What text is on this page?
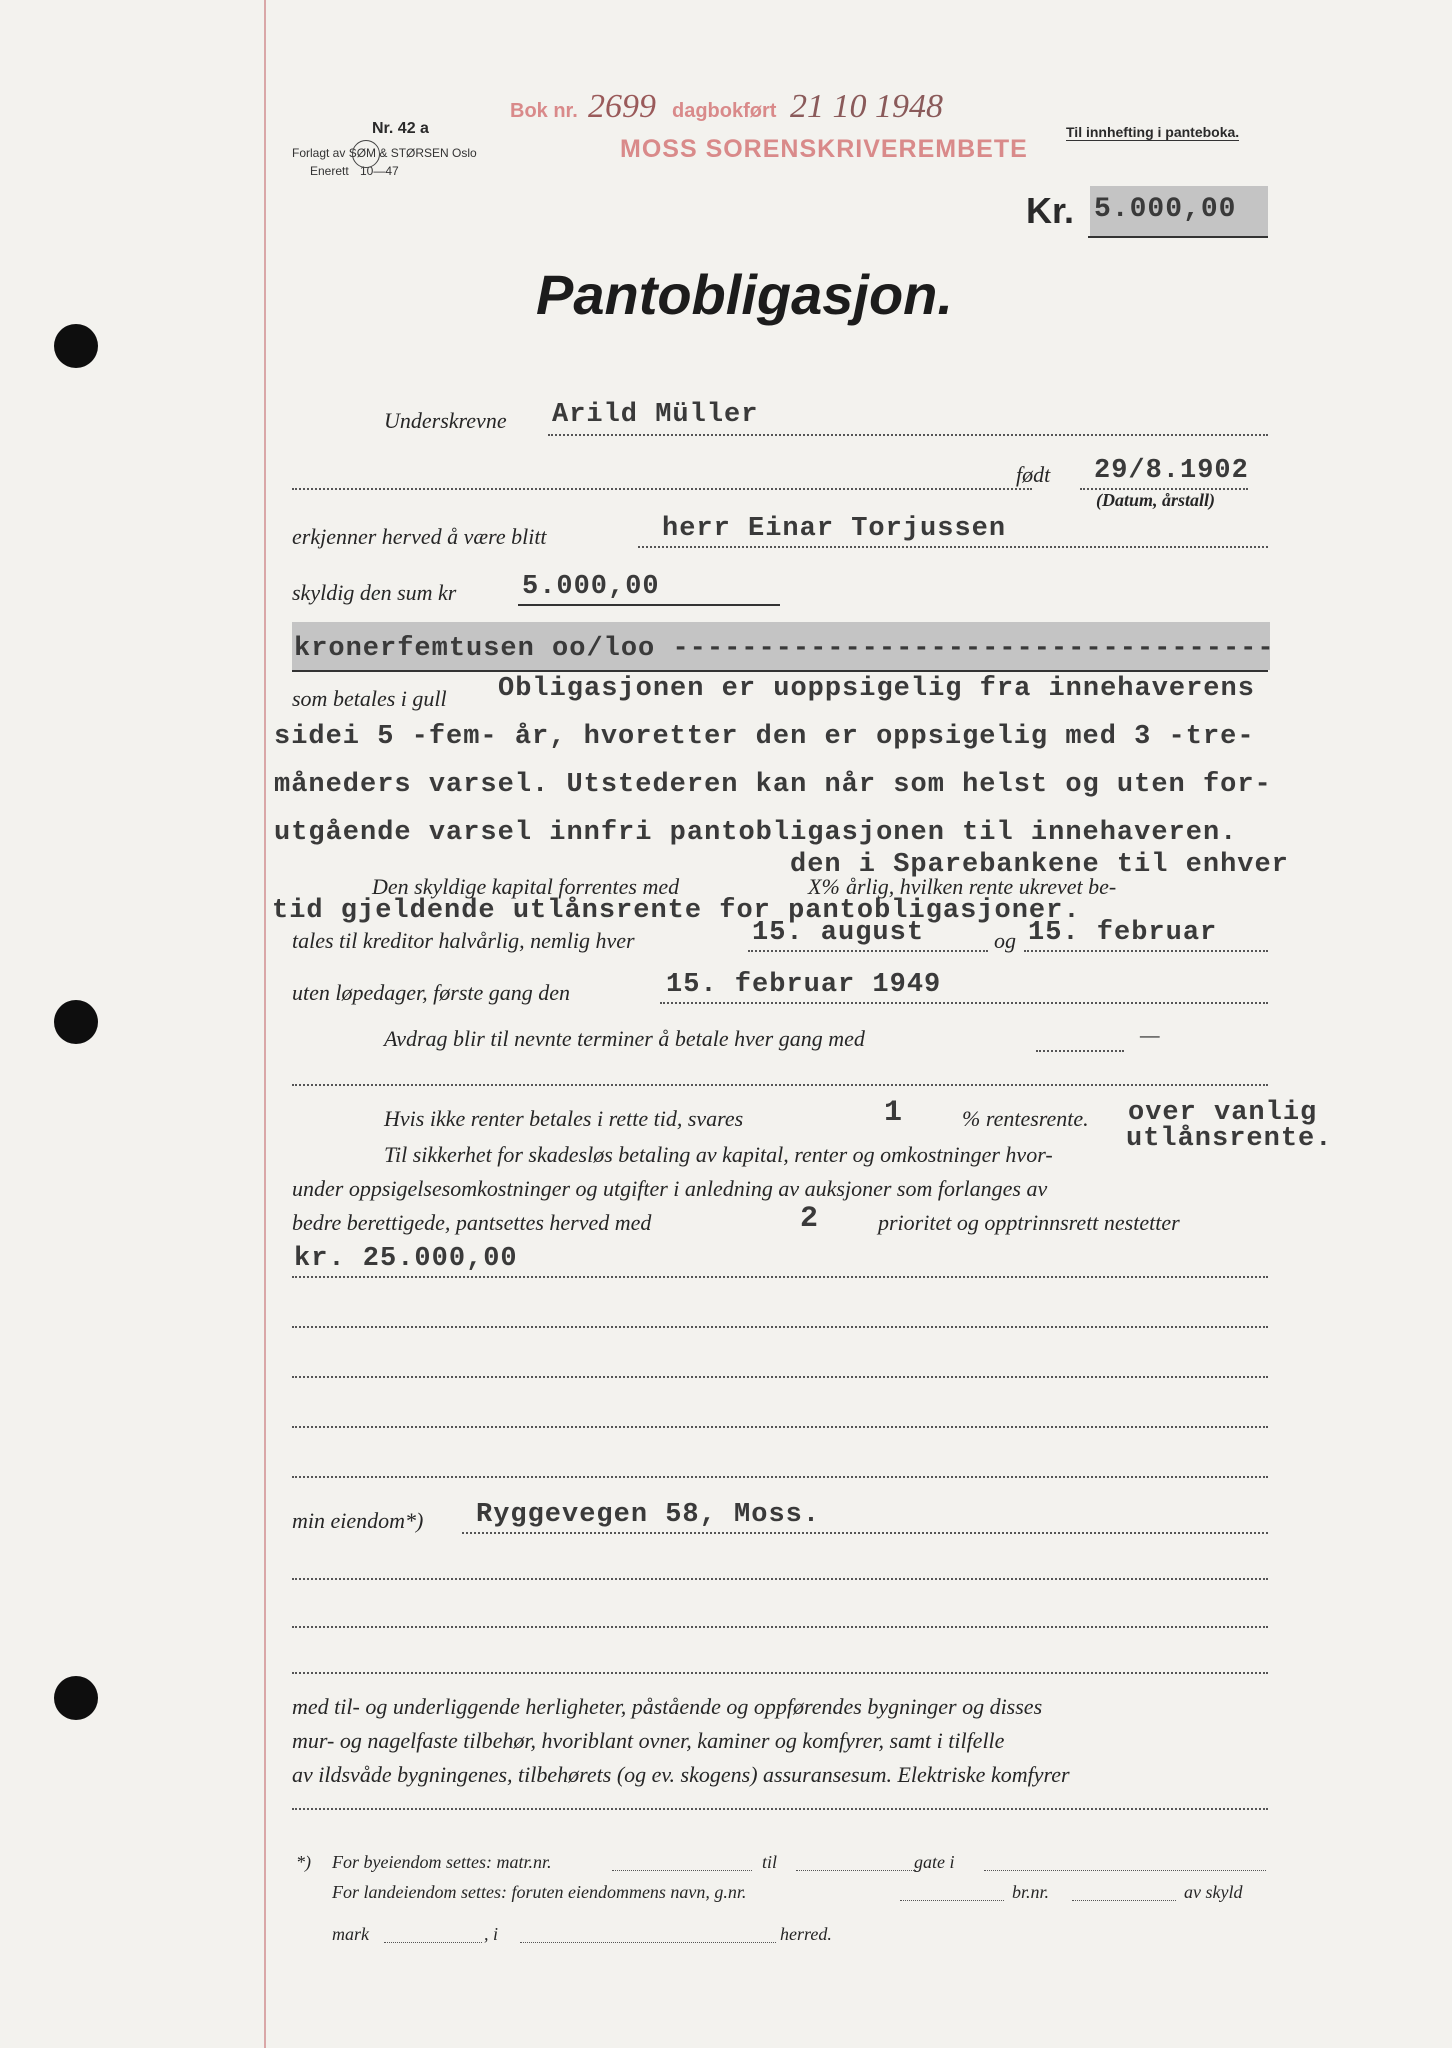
Nr. 42 a
Forlagt av SØM & STØRSEN Oslo
Enerett 10—47
Bok nr. 2699 dagbokført 21 10 1948
MOSS SORENSKRIVEREMBETE
Til innhefting i panteboka.
Kr. 5.000,00
Pantobligasjon.
Underskrevne Arild Müller
født 29/8.1902
(Datum, årstall)
erkjenner herved å være blitt	herr Einar Torjussen
skyldig den sum kr 5.000,00
kronerfemtusen oo/loo -----------------------------------
som betales i gull Obligasjonen er uoppsigelig fra innehaverens
sidei 5 -fem- år, hvoretter den er oppsigelig med 3 -tre-
måneders varsel. Utstederen kan når som helst og uten for-
utgående varsel innfri pantobligasjonen til innehaveren.
den i Sparebankene til enhver
Den skyldige kapital forrentes med	X% årlig, hvilken rente ukrevet be-
tid gjeldende utlånsrente for pantobligasjoner.
tales til kreditor halvårlig, nemlig hver	15. august	og 15. februar
uten løpedager, første gang den	15. februar 1949
Avdrag blir til nevnte terminer å betale hver gang med	—
Hvis ikke renter betales i rette tid, svares	1	% rentesrente. over vanlig
utlånsrente.
Til sikkerhet for skadesløs betaling av kapital, renter og omkostninger hvor-
under oppsigelsesomkostninger og utgifter i anledning av auksjoner som forlanges av
bedre berettigede, pantsettes herved med	2	prioritet og opptrinnsrett nestetter
kr. 25.000,00
min eiendom*) Ryggevegen 58, Moss.
med til- og underliggende herligheter, påstående og oppførendes bygninger og disses
mur- og nagelfaste tilbehør, hvoriblant ovner, kaminer og komfyrer, samt i tilfelle
av ildsvåde bygningenes, tilbehørets (og ev. skogens) assuransesum. Elektriske komfyrer
*) For byeiendom settes: matr.nr.	til	gate i
For landeiendom settes: foruten eiendommens navn, g.nr.	br.nr.	av skyld
mark	, i	herred.
